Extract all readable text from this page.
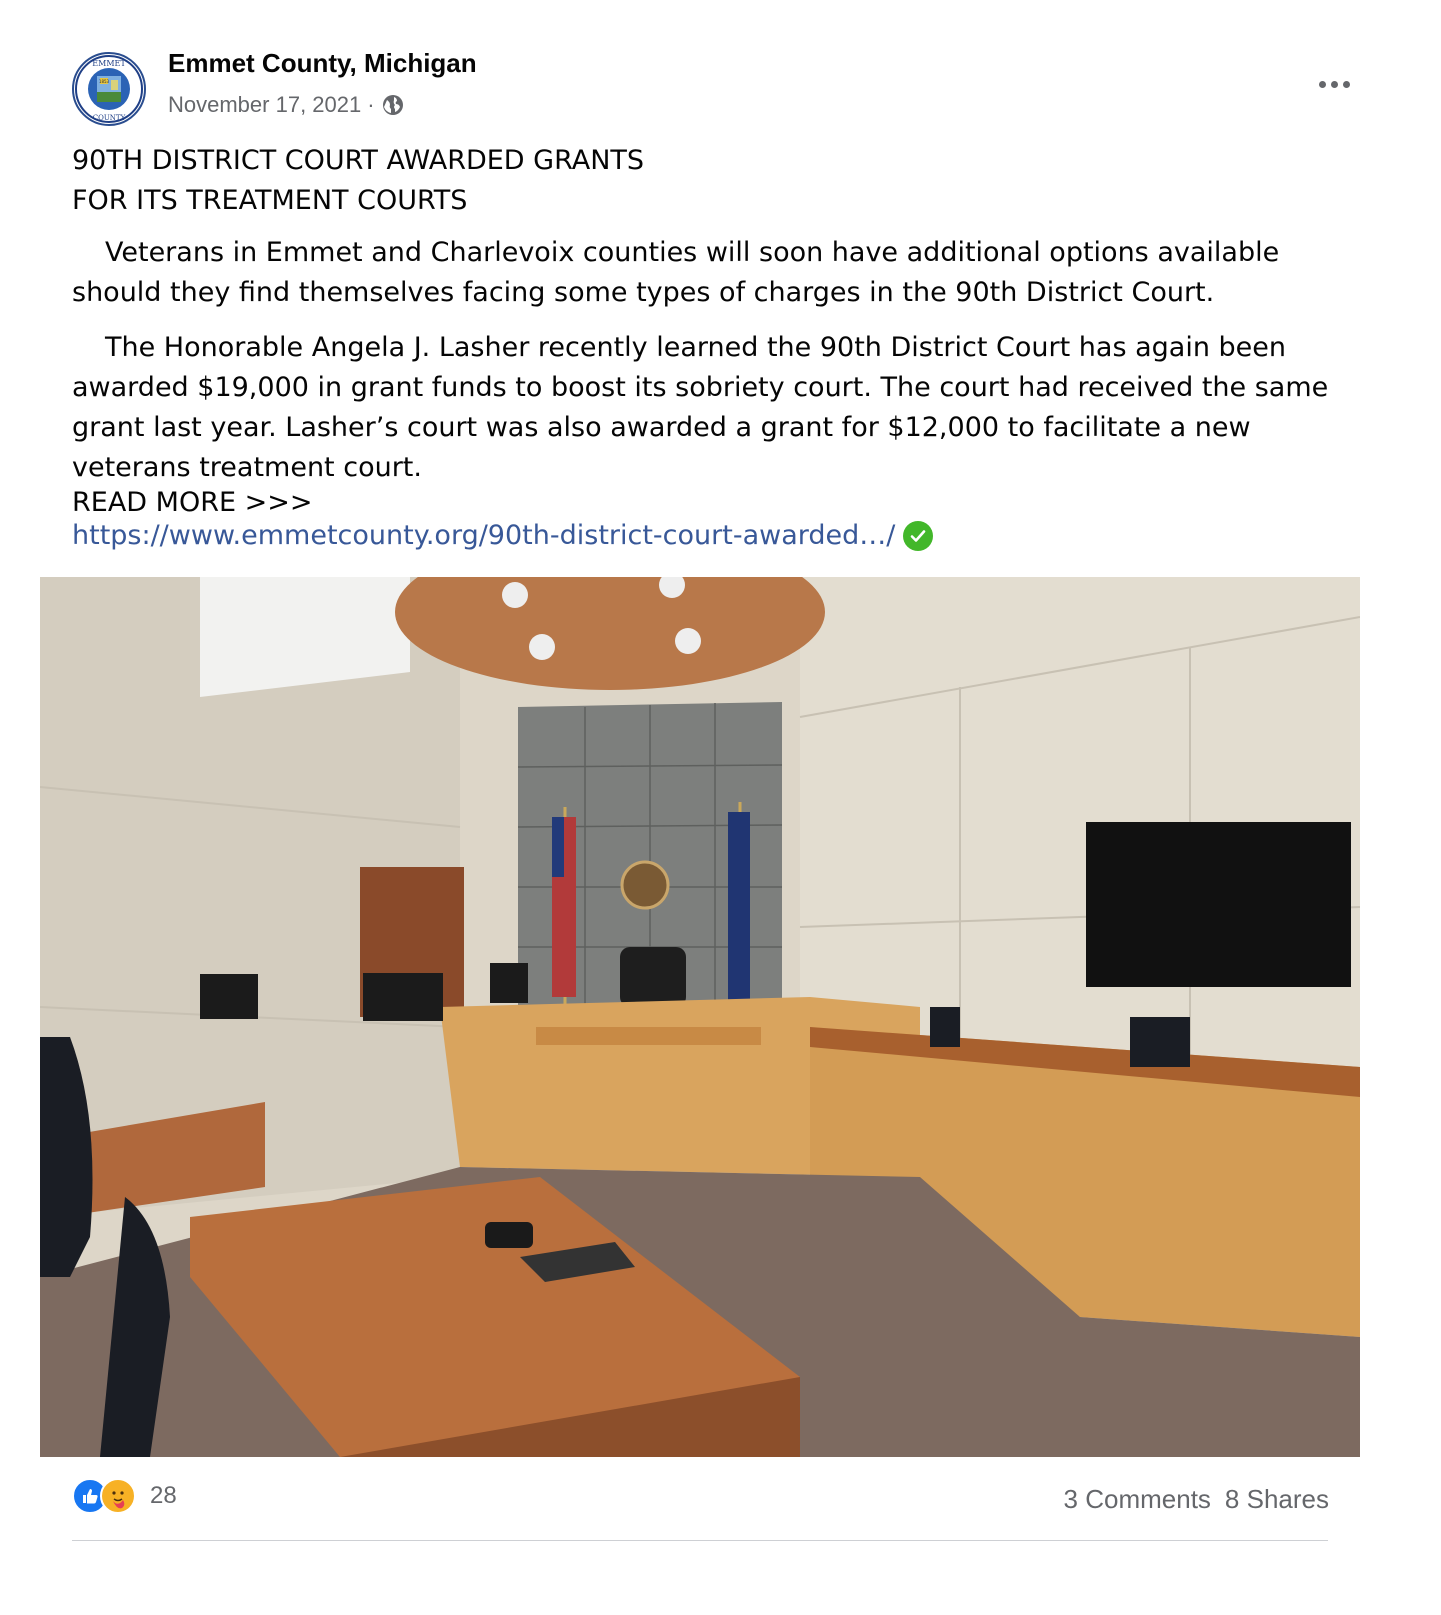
EMMET
COUNTY
1853
Emmet County, Michigan
November 17, 2021 ·
90TH DISTRICT COURT AWARDED GRANTS
FOR ITS TREATMENT COURTS
Veterans in Emmet and Charlevoix counties will soon have additional options available should they find themselves facing some types of charges in the 90th District Court.
The Honorable Angela J. Lasher recently learned the 90th District Court has again been awarded $19,000 in grant funds to boost its sobriety court. The court had received the same grant last year. Lasher’s court was also awarded a grant for $12,000 to facilitate a new veterans treatment court.
READ MORE >>>
https://www.emmetcounty.org/90th-district-court-awarded…/
28	3 Comments 8 Shares
